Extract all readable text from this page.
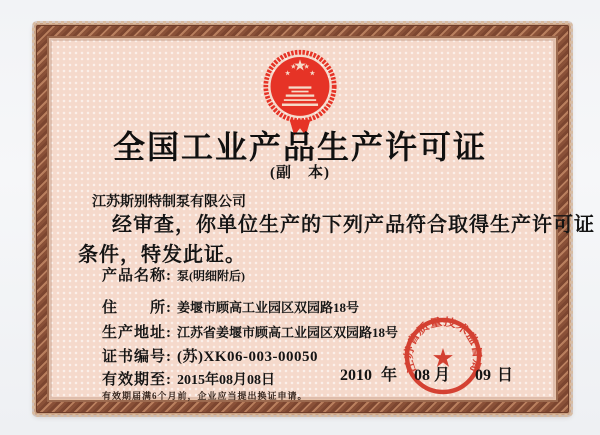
全国工业产品生产许可证
(副　本)
江苏斯别特制泵有限公司
经审查，你单位生产的下列产品符合取得生产许可证
条件，特发此证。
产品名称: 泵(明细附后)
住　　所: 姜堰市顾高工业园区双园路18号
生产地址: 江苏省姜堰市顾高工业园区双园路18号
证书编号: (苏)XK06-003-00050
有效期至: 2015年08月08日
有效期届满6个月前，企业应当提出换证申请。
2010 年 08 月 09 日
江苏省质量技术监督局
